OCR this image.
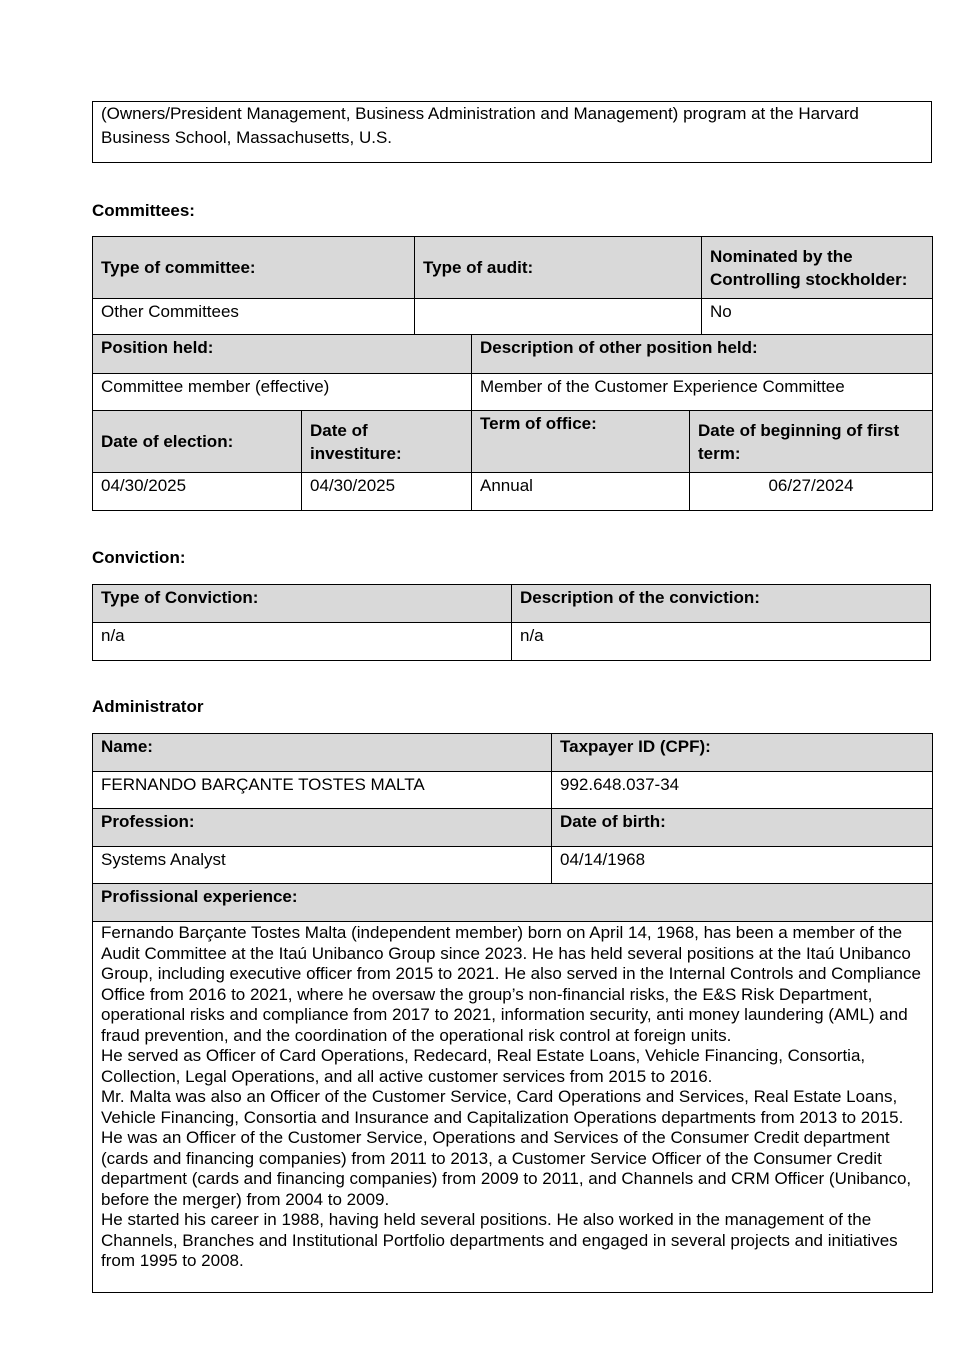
(Owners/President Management, Business Administration and Management) program at the Harvard Business School, Massachusetts, U.S.
Committees:
Type of committee:	Type of audit:	Nominated by the Controlling stockholder:
Other Committees		No
Position held:	Description of other position held:
Committee member (effective)	Member of the Customer Experience Committee
Date of election:	Date of investiture:	Term of office:	Date of beginning of first term:
04/30/2025	04/30/2025	Annual	06/27/2024
Conviction:
Type of Conviction:	Description of the conviction:
n/a	n/a
Administrator
Name:	Taxpayer ID (CPF):
FERNANDO BARÇANTE TOSTES MALTA	992.648.037-34
Profession:	Date of birth:
Systems Analyst	04/14/1968
Profissional experience:	

Fernando Barçante Tostes Malta (independent member) born on April 14, 1968, has been a member of the Audit Committee at the Itaú Unibanco Group since 2023. He has held several positions at the Itaú Unibanco Group, including executive officer from 2015 to 2021. He also served in the Internal Controls and Compliance Office from 2016 to 2021, where he oversaw the group’s non-financial risks, the E&S Risk Department, operational risks and compliance from 2017 to 2021, information security, anti money laundering (AML) and fraud prevention, and the coordination of the operational risk control at foreign units.

He served as Officer of Card Operations, Redecard, Real Estate Loans, Vehicle Financing, Consortia, Collection, Legal Operations, and all active customer services from 2015 to 2016.

Mr. Malta was also an Officer of the Customer Service, Card Operations and Services, Real Estate Loans, Vehicle Financing, Consortia and Insurance and Capitalization Operations departments from 2013 to 2015. He was an Officer of the Customer Service, Operations and Services of the Consumer Credit department (cards and financing companies) from 2011 to 2013, a Customer Service Officer of the Consumer Credit department (cards and financing companies) from 2009 to 2011, and Channels and CRM Officer (Unibanco, before the merger) from 2004 to 2009.

He started his career in 1988, having held several positions. He also worked in the management of the Channels, Branches and Institutional Portfolio departments and engaged in several projects and initiatives from 1995 to 2008.	
